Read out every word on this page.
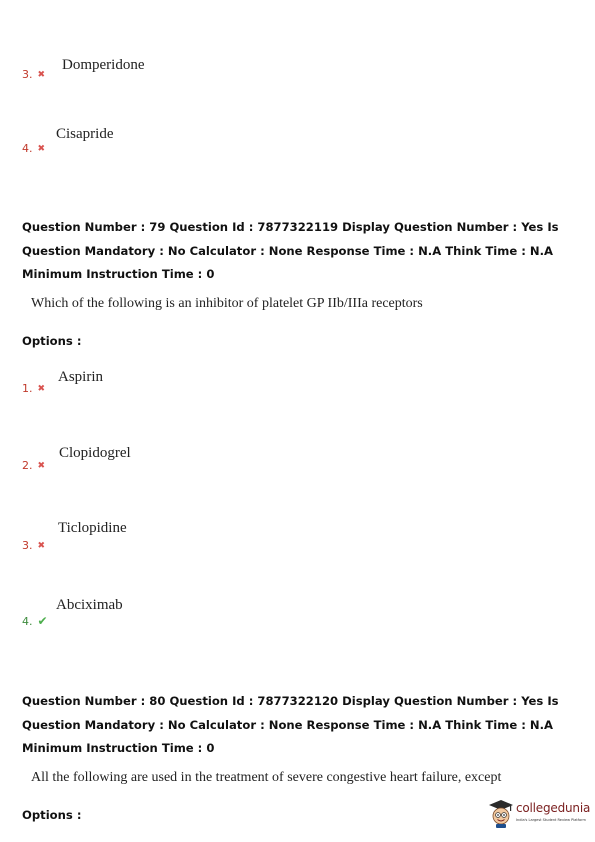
Domperidone
3. ✖
Cisapride
4. ✖
Question Number : 79 Question Id : 7877322119 Display Question Number : Yes Is Question Mandatory : No Calculator : None Response Time : N.A Think Time : N.A Minimum Instruction Time : 0
Which of the following is an inhibitor of platelet GP IIb/IIIa receptors
Options :
Aspirin
1. ✖
Clopidogrel
2. ✖
Ticlopidine
3. ✖
Abciximab
4. ✔
Question Number : 80 Question Id : 7877322120 Display Question Number : Yes Is Question Mandatory : No Calculator : None Response Time : N.A Think Time : N.A Minimum Instruction Time : 0
All the following are used in the treatment of severe congestive heart failure, except
Options :	collegedunia
India's Largest Student Review Platform
